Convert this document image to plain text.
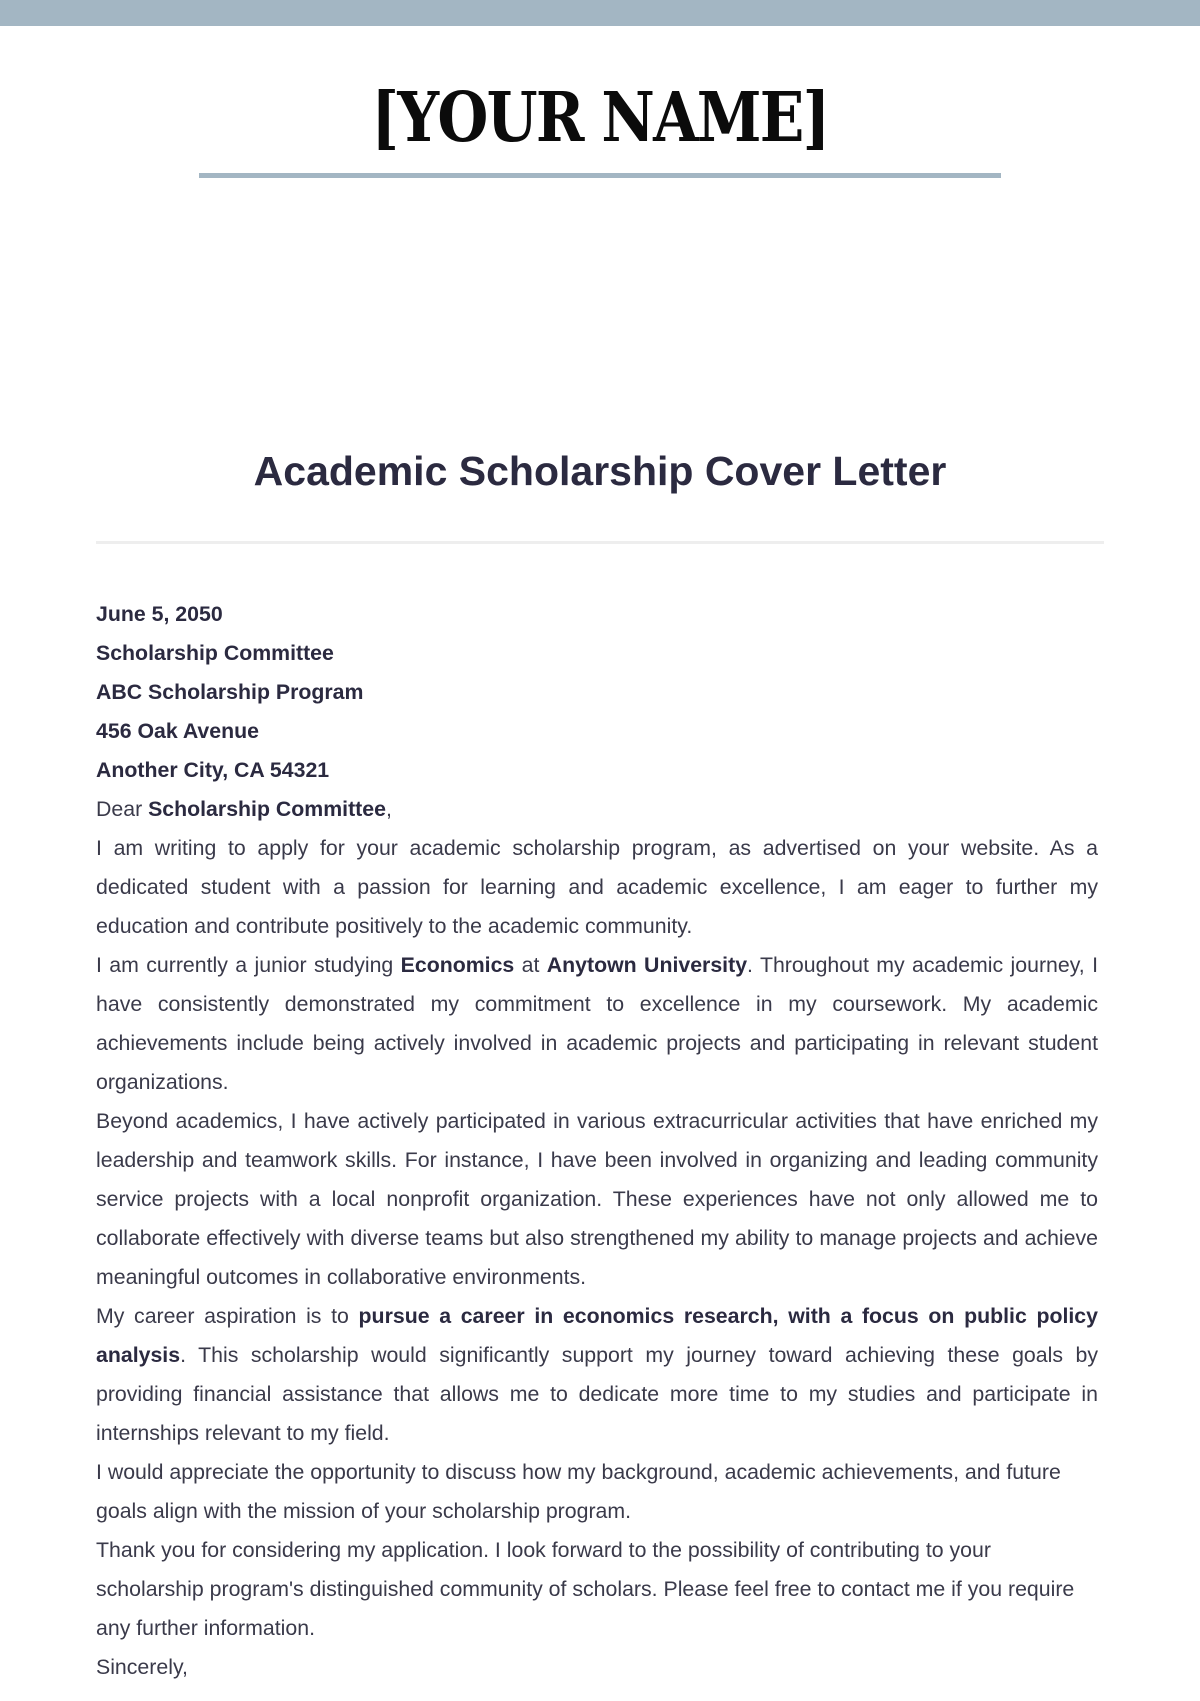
[YOUR NAME]
Academic Scholarship Cover Letter

June 5, 2050

Scholarship Committee

ABC Scholarship Program

456 Oak Avenue

Another City, CA 54321

Dear Scholarship Committee,

I am writing to apply for your academic scholarship program, as advertised on your website. As a dedicated student with a passion for learning and academic excellence, I am eager to further my education and contribute positively to the academic community.

I am currently a junior studying Economics at Anytown University. Throughout my academic journey, I have consistently demonstrated my commitment to excellence in my coursework. My academic achievements include being actively involved in academic projects and participating in relevant student organizations.

Beyond academics, I have actively participated in various extracurricular activities that have enriched my leadership and teamwork skills. For instance, I have been involved in organizing and leading community service projects with a local nonprofit organization. These experiences have not only allowed me to collaborate effectively with diverse teams but also strengthened my ability to manage projects and achieve meaningful outcomes in collaborative environments.

My career aspiration is to pursue a career in economics research, with a focus on public policy analysis. This scholarship would significantly support my journey toward achieving these goals by providing financial assistance that allows me to dedicate more time to my studies and participate in internships relevant to my field.

I would appreciate the opportunity to discuss how my background, academic achievements, and future goals align with the mission of your scholarship program.

Thank you for considering my application. I look forward to the possibility of contributing to your scholarship program's distinguished community of scholars. Please feel free to contact me if you require any further information.

Sincerely,
